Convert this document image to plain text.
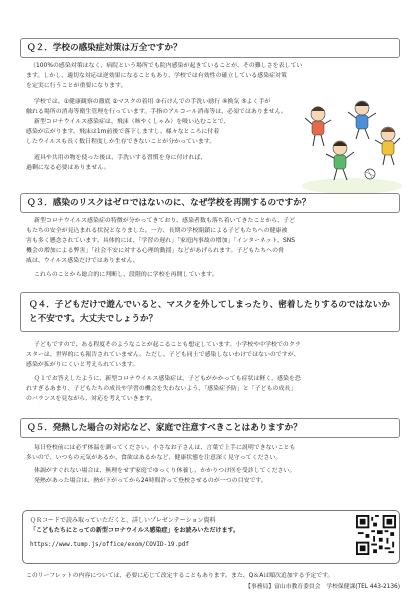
Ｑ２．学校の感染症対策は万全ですか？
（100%の感染対策はなく、病院という場所でも院内感染が起きていることが、その難しさを表してい
ます。しかし、適切な対応は逆効果になることもあり、学校では有効性の確立している感染症対策
を定実に行うことが重要になります。
学校では、①健康観察の徹底 ②マスクの着用 ③石けんでの手洗い励行 ④換気 ⑤よく手が
触れる場所の消毒等衛生管理を行っています。手指のアルコール消毒等は、必須ではありません。
新型コロナウイルス感染症は、飛沫（咳やくしゃみ）を吸い込むことで、
感染が広がります。飛沫は1m前後で落下しますし、様々なところに付着
したウイルスも長く数日程度しか生存できないことが分かっています。
遊具や共用の物を使った後は、手洗いする習慣を身に付ければ、
過剰になる必要はありません。
Ｑ３．感染のリスクはゼロではないのに、なぜ学校を再開するのですか？
新型コロナウイルス感染症の特徴が分かってきており、感染者数も落ち着いてきたことから、子ど
もたちの安全が見込まれる状況となりました。一方、長期の学校閉鎖による子どもたちへの健康被
害も多く懸念されています。具体的には、「学習の遅れ」「家庭内事故の増加」「インターネット、SNS
機会の増加による弊害」「社会不安に対する心理的動揺」などがあげられます。子どもたちへの脅
威は、ウイルス感染だけではありません。
これらのことから総合的に判断し、段階的に学校を再開しています。
Ｑ４．子どもだけで遊んでいると、マスクを外してしまったり、密着したりするのではないかと不安です。大丈夫でしょうか？
子どもですので、ある程度そのようなことが起こることも想定しています。小学校や中学校でのクラ
スターは、世界的にも報告されていません。ただし、子ども同士で感染しないわけではないのですが、
感染が拡がりにくいと考えられています。
Ｑ１でお答えしたように、新型コロナウイルス感染症は、子どもがかかっても症状は軽く、感染を恐
れすぎるあまり、子どもたちの成長や学習の機会を失わないよう、「感染症予防」と「子どもの成長」
のバランスを見ながら、対応を考えていきます。
Ｑ５．発熱した場合の対応など、家庭で注意すべきことはありますか？
毎日登校前には必ず体温を測ってください。小さなお子さんは、言葉で上手に説明できないことも
多いので、いつもの元気があるか、食欲はあるかなど、健康状態を注意深く見守ってください。
体調がすぐれない場合は、無理をせず家庭でゆっくり休養し、かかりつけ医を受診してください。
発熱があった場合は、熱が下がってから24時間許って登校させるのが一つの目安です。
ＱＲコードで読み取っていただくと、詳しいプレゼンテーション資料
「こどもたちにとっての新型コロナウイルス感染症」をお読みいただけます。
https://www.tump.js/office/exom/COVID-19.pdf
このリーフレットの内容については、必要に応じて改定することもあります。また、Q＆Aは順次追加する予定です。
【事務局】富山市教育委員会　学校保健課(TEL 443-2136)
